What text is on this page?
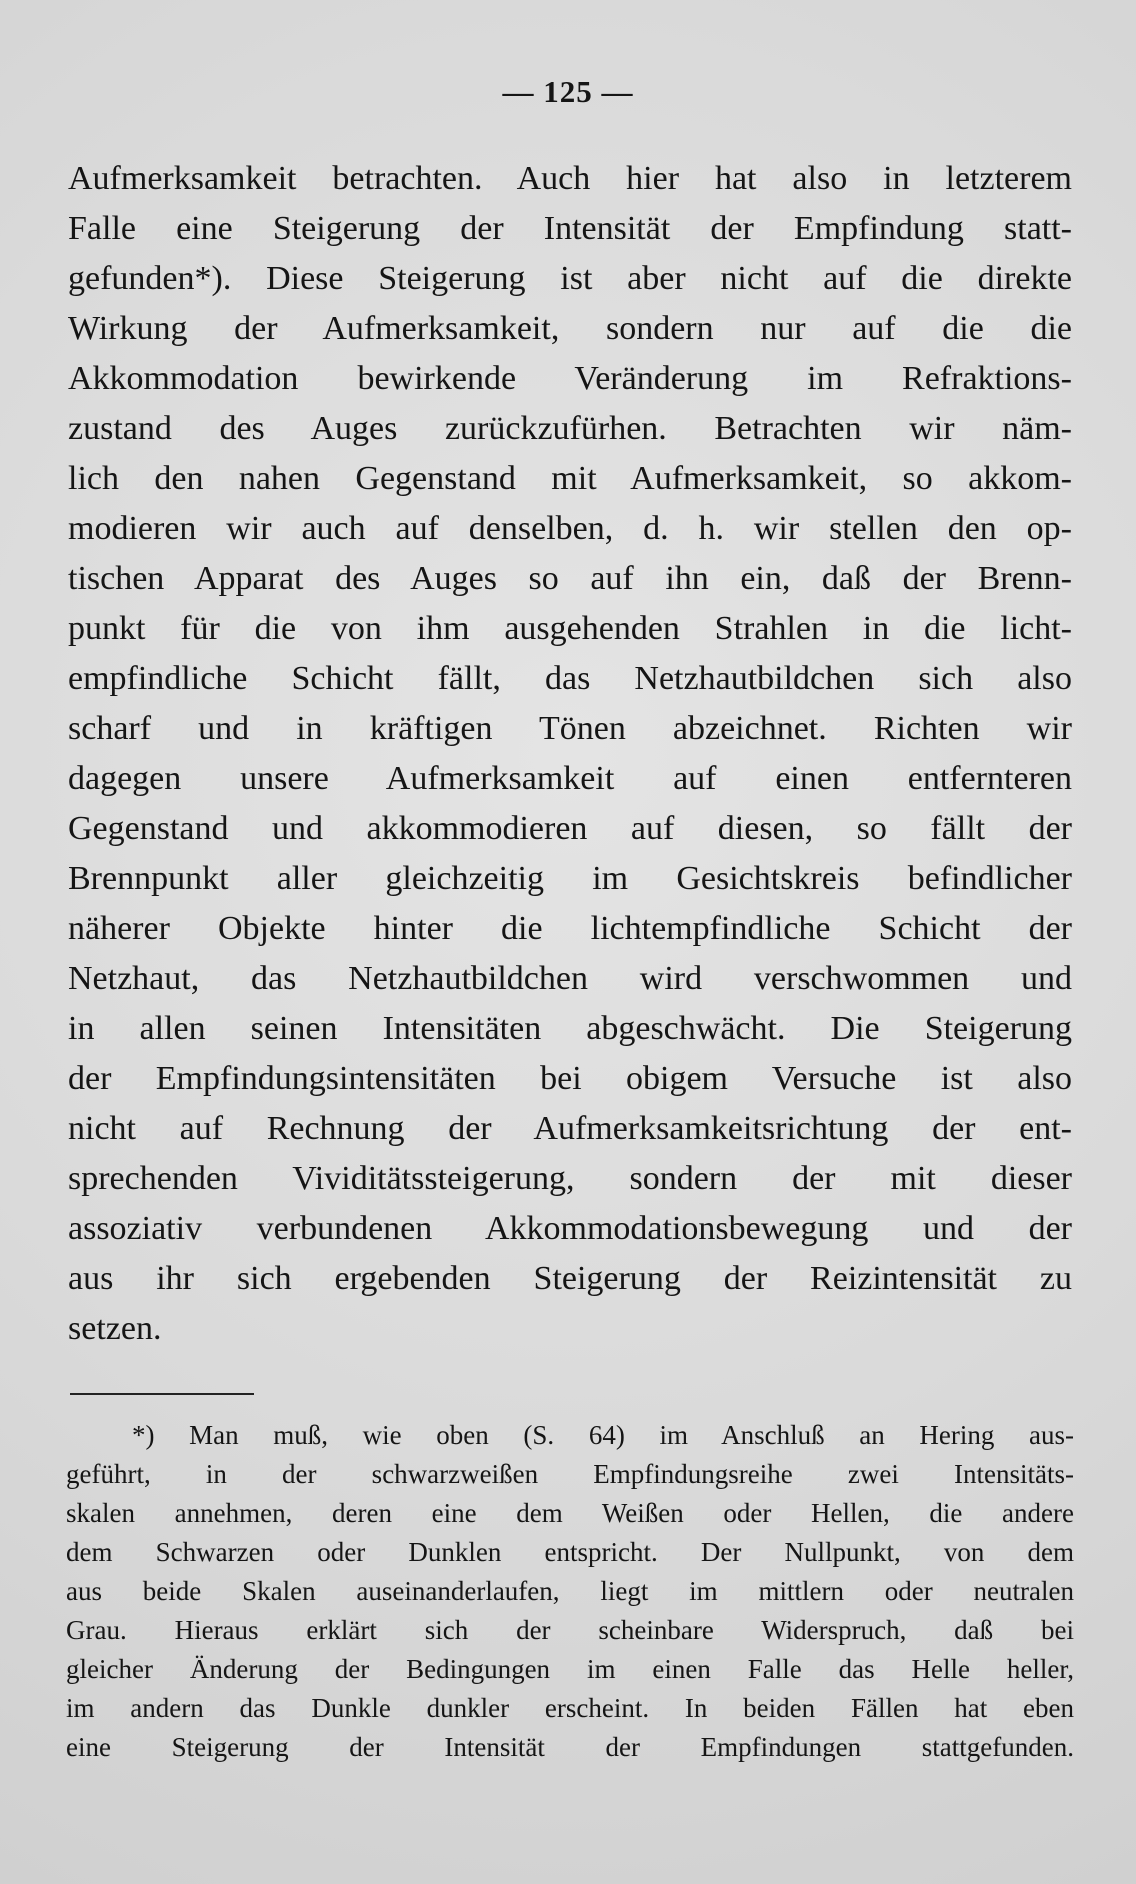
— 125 —
Aufmerksamkeit betrachten. Auch hier hat also in letzterem
Falle eine Steigerung der Intensität der Empfindung statt-
gefunden*). Diese Steigerung ist aber nicht auf die direkte
Wirkung der Aufmerksamkeit, sondern nur auf die die
Akkommodation bewirkende Veränderung im Refraktions-
zustand des Auges zurückzufürhen. Betrachten wir näm-
lich den nahen Gegenstand mit Aufmerksamkeit, so akkom-
modieren wir auch auf denselben, d. h. wir stellen den op-
tischen Apparat des Auges so auf ihn ein, daß der Brenn-
punkt für die von ihm ausgehenden Strahlen in die licht-
empfindliche Schicht fällt, das Netzhautbildchen sich also
scharf und in kräftigen Tönen abzeichnet. Richten wir
dagegen unsere Aufmerksamkeit auf einen entfernteren
Gegenstand und akkommodieren auf diesen, so fällt der
Brennpunkt aller gleichzeitig im Gesichtskreis befindlicher
näherer Objekte hinter die lichtempfindliche Schicht der
Netzhaut, das Netzhautbildchen wird verschwommen und
in allen seinen Intensitäten abgeschwächt. Die Steigerung
der Empfindungsintensitäten bei obigem Versuche ist also
nicht auf Rechnung der Aufmerksamkeitsrichtung der ent-
sprechenden Vividitätssteigerung, sondern der mit dieser
assoziativ verbundenen Akkommodationsbewegung und der
aus ihr sich ergebenden Steigerung der Reizintensität zu
setzen.
*) Man muß, wie oben (S. 64) im Anschluß an Hering aus-
geführt, in der schwarzweißen Empfindungsreihe zwei Intensitäts-
skalen annehmen, deren eine dem Weißen oder Hellen, die andere
dem Schwarzen oder Dunklen entspricht. Der Nullpunkt, von dem
aus beide Skalen auseinanderlaufen, liegt im mittlern oder neutralen
Grau. Hieraus erklärt sich der scheinbare Widerspruch, daß bei
gleicher Änderung der Bedingungen im einen Falle das Helle heller,
im andern das Dunkle dunkler erscheint. In beiden Fällen hat eben
eine Steigerung der Intensität der Empfindungen stattgefunden.
